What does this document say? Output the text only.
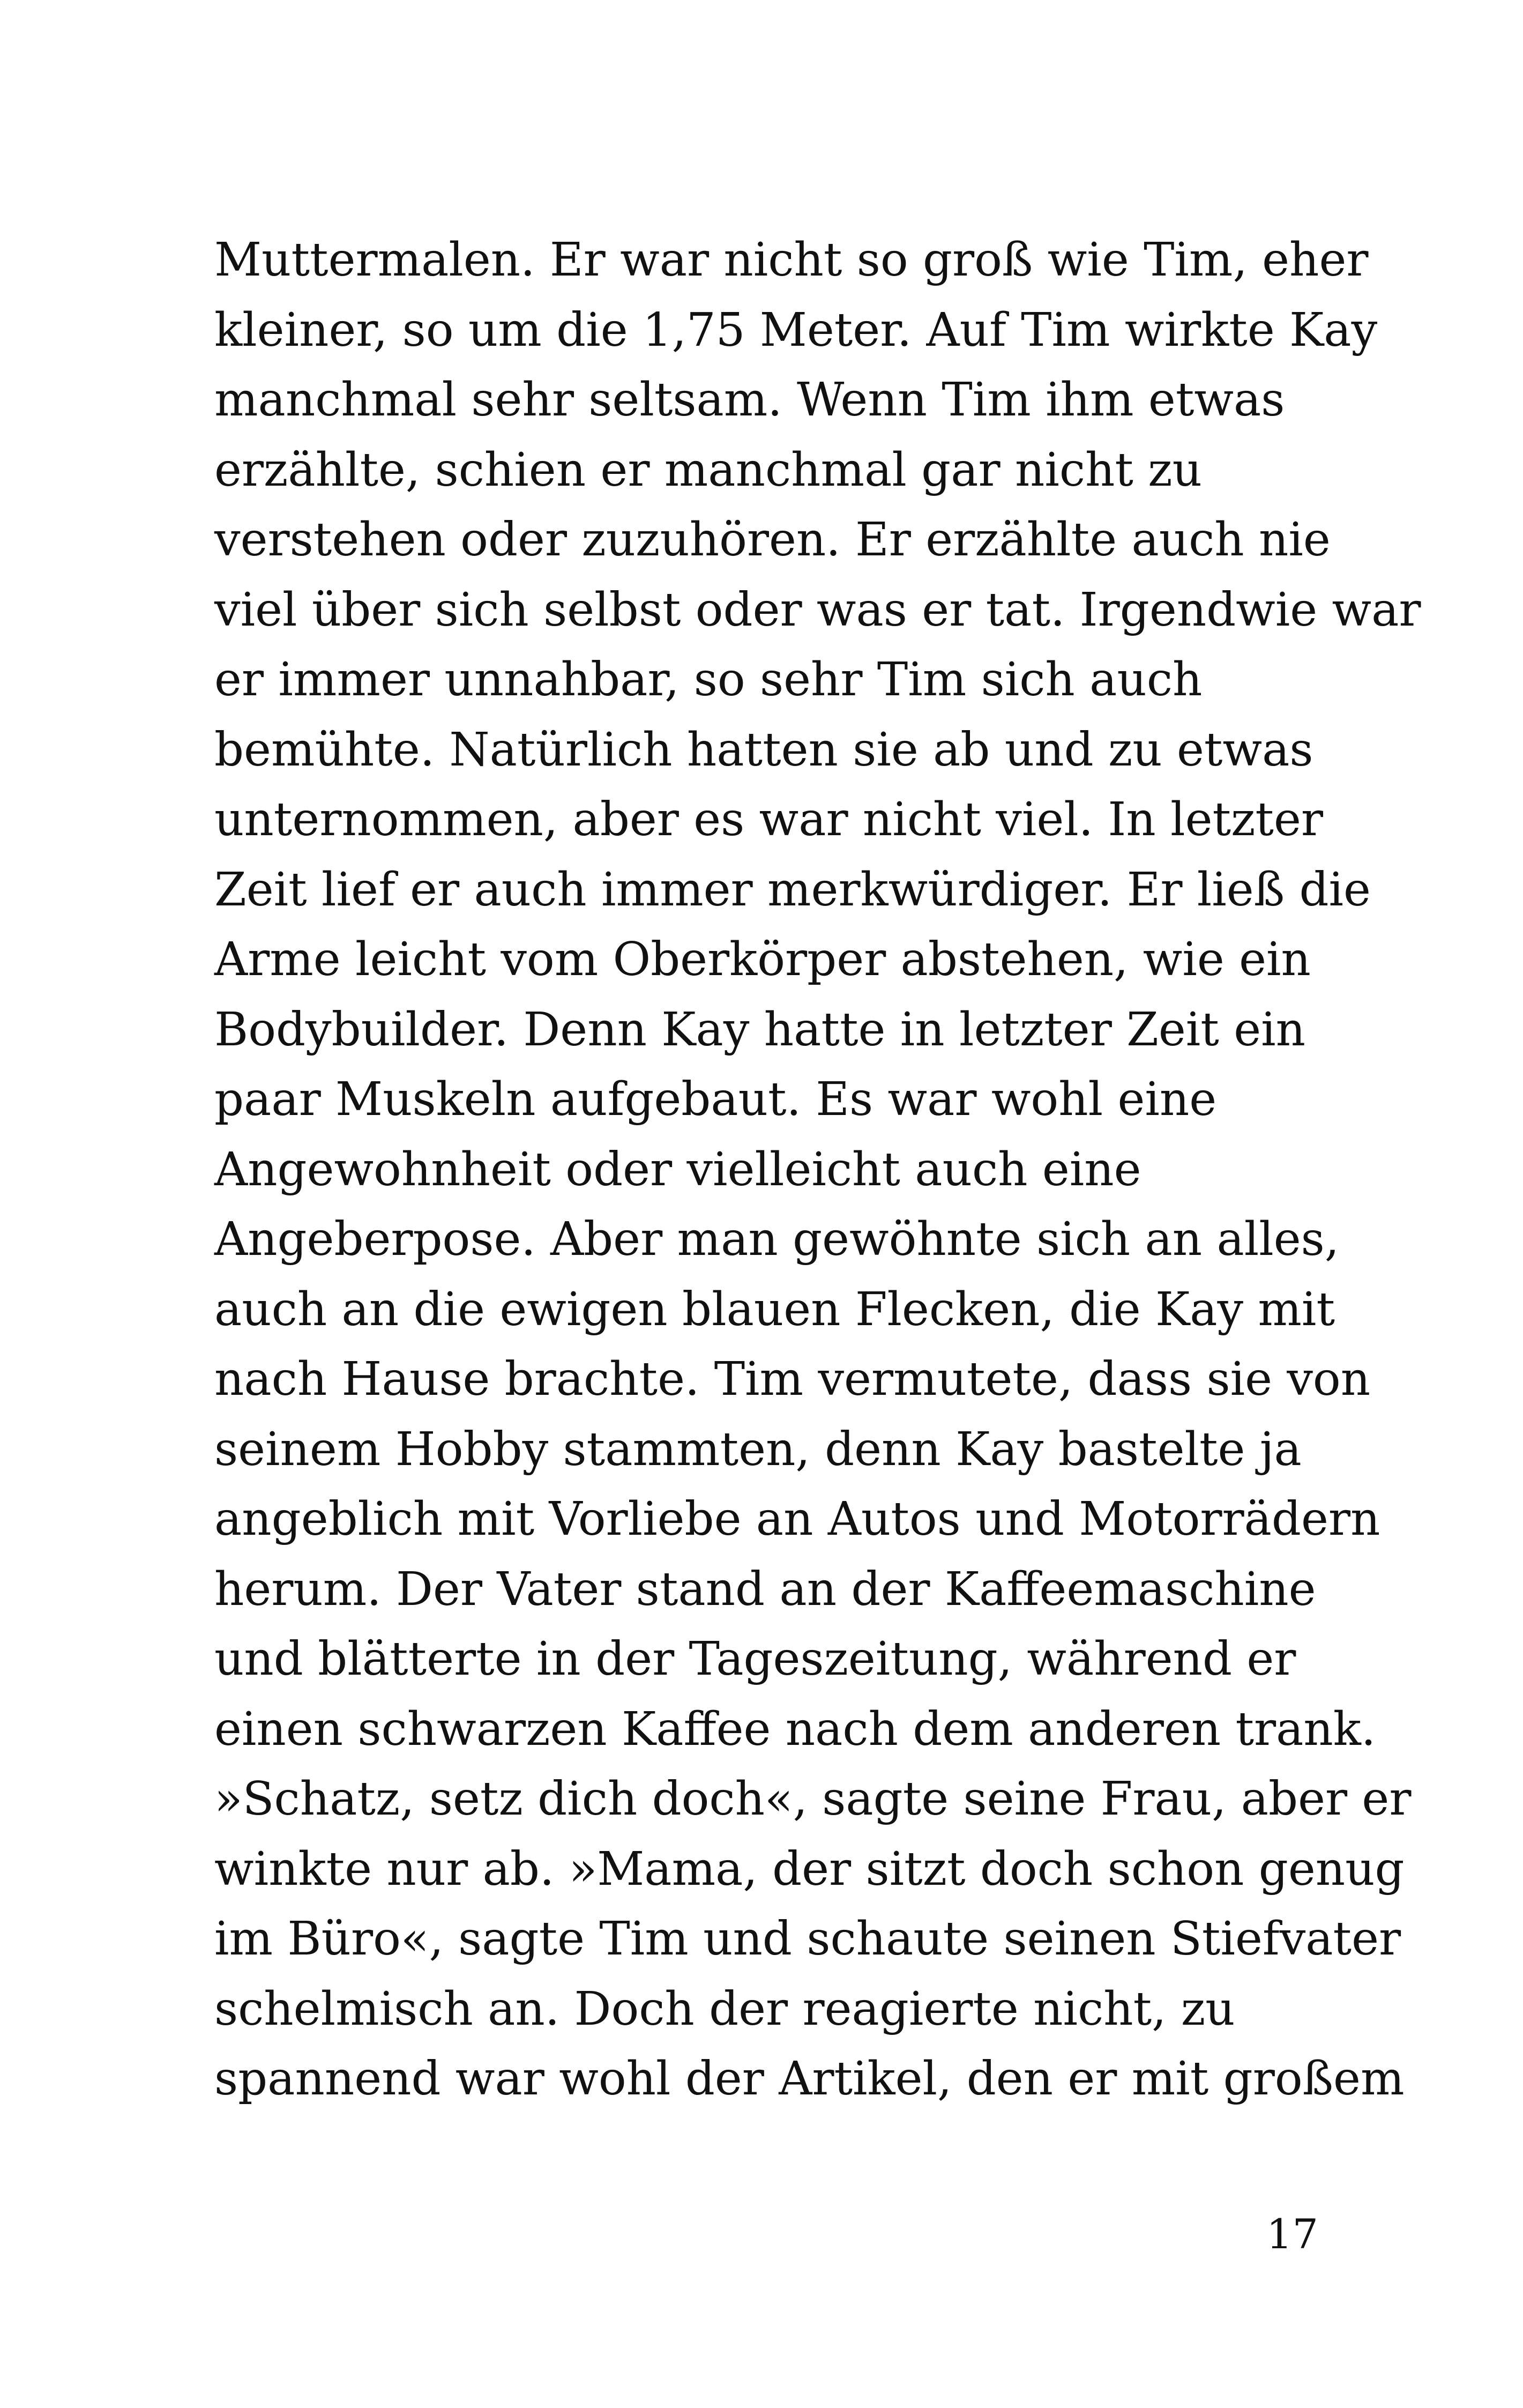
Muttermalen. Er war nicht so groß wie Tim, eher
kleiner, so um die 1,75 Meter. Auf Tim wirkte Kay
manchmal sehr seltsam. Wenn Tim ihm etwas
erzählte, schien er manchmal gar nicht zu
verstehen oder zuzuhören. Er erzählte auch nie
viel über sich selbst oder was er tat. Irgendwie war
er immer unnahbar, so sehr Tim sich auch
bemühte. Natürlich hatten sie ab und zu etwas
unternommen, aber es war nicht viel. In letzter
Zeit lief er auch immer merkwürdiger. Er ließ die
Arme leicht vom Oberkörper abstehen, wie ein
Bodybuilder. Denn Kay hatte in letzter Zeit ein
paar Muskeln aufgebaut. Es war wohl eine
Angewohnheit oder vielleicht auch eine
Angeberpose. Aber man gewöhnte sich an alles,
auch an die ewigen blauen Flecken, die Kay mit
nach Hause brachte. Tim vermutete, dass sie von
seinem Hobby stammten, denn Kay bastelte ja
angeblich mit Vorliebe an Autos und Motorrädern
herum. Der Vater stand an der Kaffeemaschine
und blätterte in der Tageszeitung, während er
einen schwarzen Kaffee nach dem anderen trank.
»Schatz, setz dich doch«, sagte seine Frau, aber er
winkte nur ab. »Mama, der sitzt doch schon genug
im Büro«, sagte Tim und schaute seinen Stiefvater
schelmisch an. Doch der reagierte nicht, zu
spannend war wohl der Artikel, den er mit großem
17
